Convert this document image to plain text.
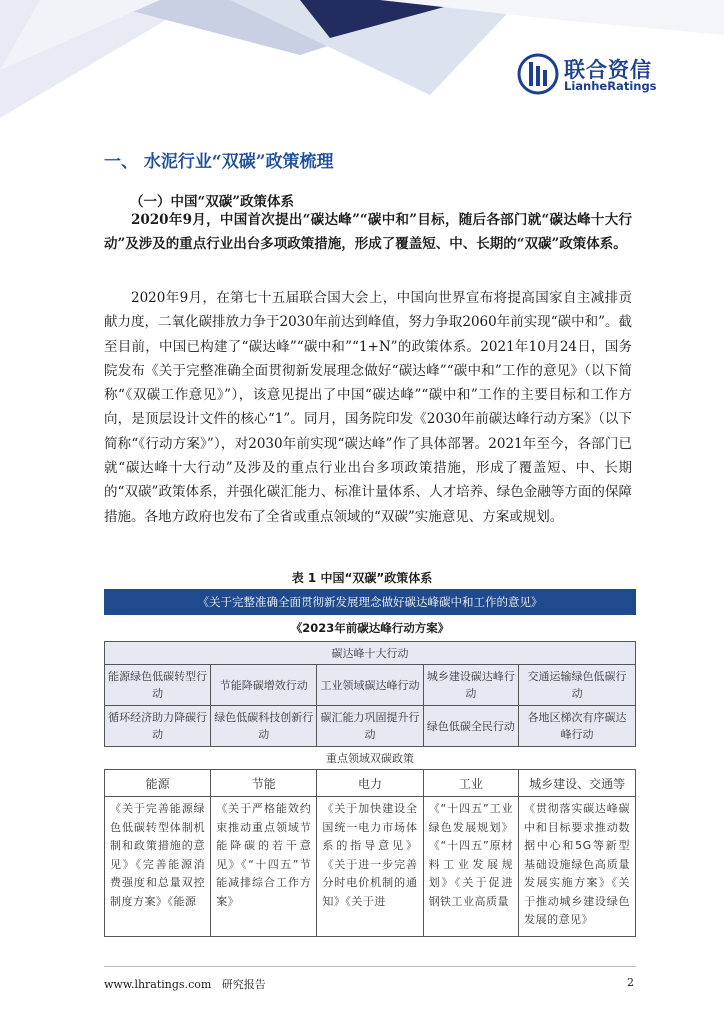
联合资信
LianheRatings
一、 水泥行业“双碳”政策梳理
（一）中国“双碳”政策体系

2020年9月，中国首次提出“碳达峰”“碳中和”目标，随后各部门就“碳达峰十大行动”及涉及的重点行业出台多项政策措施，形成了覆盖短、中、长期的“双碳”政策体系。

2020年9月，在第七十五届联合国大会上，中国向世界宣布将提高国家自主减排贡献力度，二氧化碳排放力争于2030年前达到峰值，努力争取2060年前实现“碳中和”。截至目前，中国已构建了“碳达峰”“碳中和”“1+N”的政策体系。2021年10月24日，国务院发布《关于完整准确全面贯彻新发展理念做好“碳达峰”“碳中和”工作的意见》（以下简称“《双碳工作意见》”），该意见提出了中国“碳达峰”“碳中和”工作的主要目标和工作方向，是顶层设计文件的核心“1”。同月，国务院印发《2030年前碳达峰行动方案》（以下简称“《行动方案》”），对2030年前实现“碳达峰”作了具体部署。2021年至今，各部门已就“碳达峰十大行动”及涉及的重点行业出台多项政策措施，形成了覆盖短、中、长期的“双碳”政策体系，并强化碳汇能力、标准计量体系、人才培养、绿色金融等方面的保障措施。各地方政府也发布了全省或重点领域的“双碳”实施意见、方案或规划。

表 1 中国“双碳”政策体系
《关于完整准确全面贯彻新发展理念做好碳达峰碳中和工作的意见》				
《2023年前碳达峰行动方案》				
碳达峰十大行动				
能源绿色低碳转型行动	节能降碳增效行动	工业领域碳达峰行动	城乡建设碳达峰行动	交通运输绿色低碳行动
循环经济助力降碳行动	绿色低碳科技创新行动	碳汇能力巩固提升行动	绿色低碳全民行动	各地区梯次有序碳达峰行动
重点领域双碳政策				
能源	节能	电力	工业	城乡建设、交通等

《关于完善能源绿色低碳转型体制机制和政策措施的意见》《完善能源消费强度和总量双控制度方案》《能源	《关于严格能效约束推动重点领域节能降碳的若干意见》《“十四五”节能减排综合工作方案》	《关于加快建设全国统一电力市场体系的指导意见》《关于进一步完善分时电价机制的通知》《关于进	《“十四五”工业绿色发展规划》《“十四五”原材料工业发展规划》《关于促进钢铁工业高质量	《贯彻落实碳达峰碳中和目标要求推动数据中心和5G等新型基础设施绿色高质量发展实施方案》《关于推动城乡建设绿色发展的意见》
www.lhratings.com 研究报告	2
